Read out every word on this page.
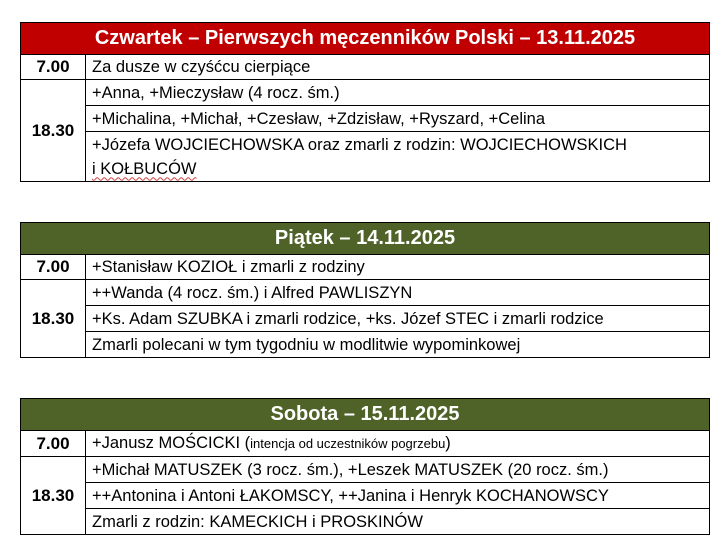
Czwartek – Pierwszych męczenników Polski – 13.11.2025
7.00	Za dusze w czyśćcu cierpiące
18.30	+Anna, +Mieczysław (4 rocz. śm.)
	+Michalina, +Michał, +Czesław, +Zdzisław, +Ryszard, +Celina
	+Józefa WOJCIECHOWSKA oraz zmarli z rodzin: WOJCIECHOWSKICH
i KOŁBUCÓW
Piątek – 14.11.2025
7.00	+Stanisław KOZIOŁ i zmarli z rodziny
18.30	++Wanda (4 rocz. śm.) i Alfred PAWLISZYN
	+Ks. Adam SZUBKA i zmarli rodzice, +ks. Józef STEC i zmarli rodzice
	Zmarli polecani w tym tygodniu w modlitwie wypominkowej
Sobota – 15.11.2025
7.00	+Janusz MOŚCICKI (intencja od uczestników pogrzebu)
18.30	+Michał MATUSZEK (3 rocz. śm.), +Leszek MATUSZEK (20 rocz. śm.)
	++Antonina i Antoni ŁAKOMSCY, ++Janina i Henryk KOCHANOWSCY
	Zmarli z rodzin: KAMECKICH i PROSKINÓW
